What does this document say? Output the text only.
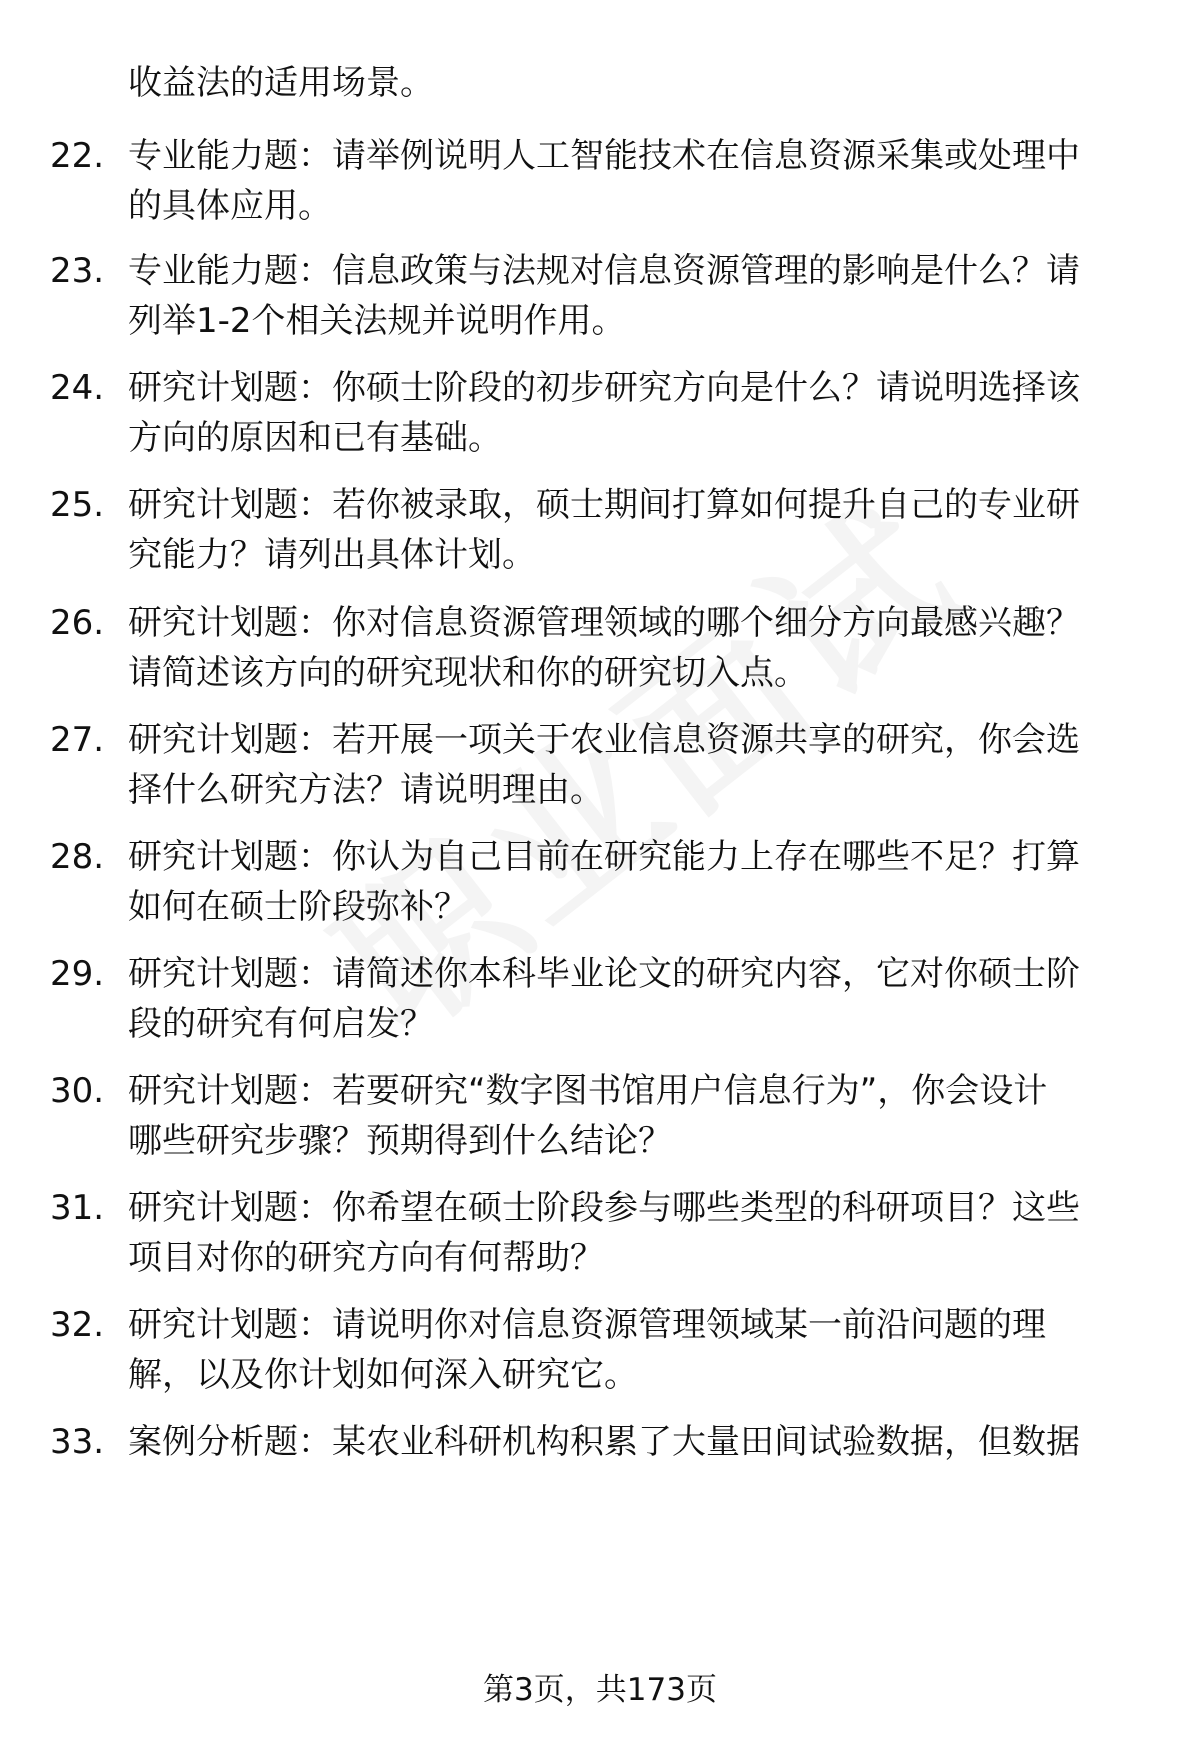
收益法的适用场景。
22. 专业能力题：请举例说明人工智能技术在信息资源采集或处理中
的具体应用。
23. 专业能力题：信息政策与法规对信息资源管理的影响是什么？请
列举1-2个相关法规并说明作用。
24. 研究计划题：你硕士阶段的初步研究方向是什么？请说明选择该
方向的原因和已有基础。
25. 研究计划题：若你被录取，硕士期间打算如何提升自己的专业研
究能力？请列出具体计划。
26. 研究计划题：你对信息资源管理领域的哪个细分方向最感兴趣？
请简述该方向的研究现状和你的研究切入点。
27. 研究计划题：若开展一项关于农业信息资源共享的研究，你会选
择什么研究方法？请说明理由。
28. 研究计划题：你认为自己目前在研究能力上存在哪些不足？打算
如何在硕士阶段弥补？
29. 研究计划题：请简述你本科毕业论文的研究内容，它对你硕士阶
段的研究有何启发？
30. 研究计划题：若要研究“数字图书馆用户信息行为”，你会设计
哪些研究步骤？预期得到什么结论？
31. 研究计划题：你希望在硕士阶段参与哪些类型的科研项目？这些
项目对你的研究方向有何帮助？
32. 研究计划题：请说明你对信息资源管理领域某一前沿问题的理
解，以及你计划如何深入研究它。
33. 案例分析题：某农业科研机构积累了大量田间试验数据，但数据
第3页，共173页
